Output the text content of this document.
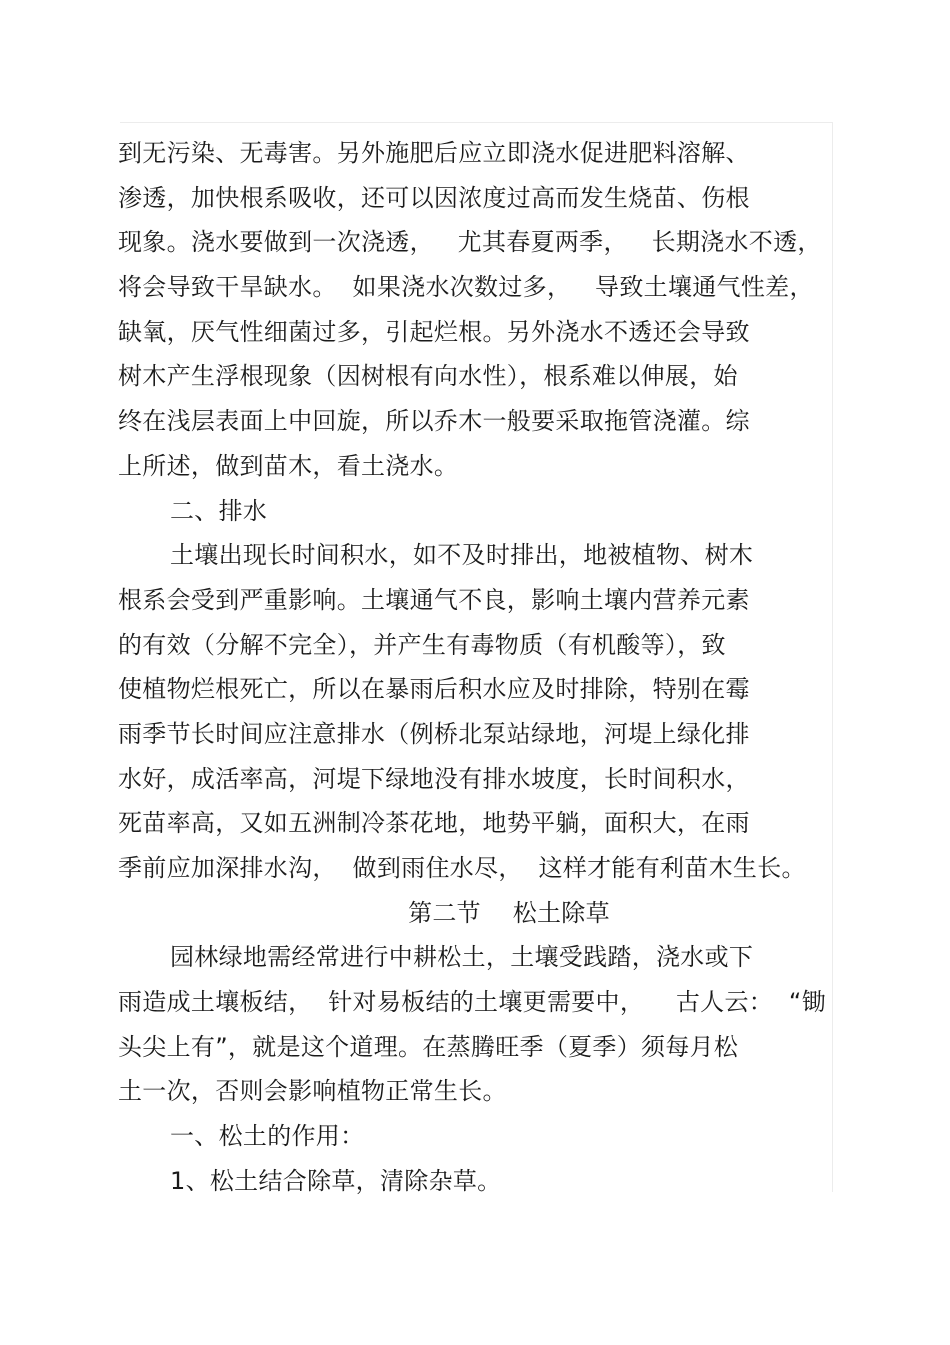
到无污染、无毒害。另外施肥后应立即浇水促进肥料溶解、
渗透，加快根系吸收，还可以因浓度过高而发生烧苗、伤根
现象。浇水要做到一次浇透，   尤其春夏两季，   长期浇水不透，
将会导致干旱缺水。  如果浇水次数过多，   导致土壤通气性差，
缺氧，厌气性细菌过多，引起烂根。另外浇水不透还会导致
树木产生浮根现象（因树根有向水性），根系难以伸展，始
终在浅层表面上中回旋，所以乔木一般要采取拖管浇灌。综
上所述，做到苗木，看土浇水。
二、排水
土壤出现长时间积水，如不及时排出，地被植物、树木
根系会受到严重影响。土壤通气不良，影响土壤内营养元素
的有效（分解不完全），并产生有毒物质（有机酸等），致
使植物烂根死亡，所以在暴雨后积水应及时排除，特别在霉
雨季节长时间应注意排水（例桥北泵站绿地，河堤上绿化排
水好，成活率高，河堤下绿地没有排水坡度，长时间积水，
死苗率高，又如五洲制冷茶花地，地势平躺，面积大，在雨
季前应加深排水沟，  做到雨住水尽，  这样才能有利苗木生长。
第二节    松土除草
园林绿地需经常进行中耕松土，土壤受践踏，浇水或下
雨造成土壤板结，  针对易板结的土壤更需要中，    古人云：  “锄
头尖上有”，就是这个道理。在蒸腾旺季（夏季）须每月松
土一次，否则会影响植物正常生长。
一、松土的作用：
1、松土结合除草，清除杂草。
